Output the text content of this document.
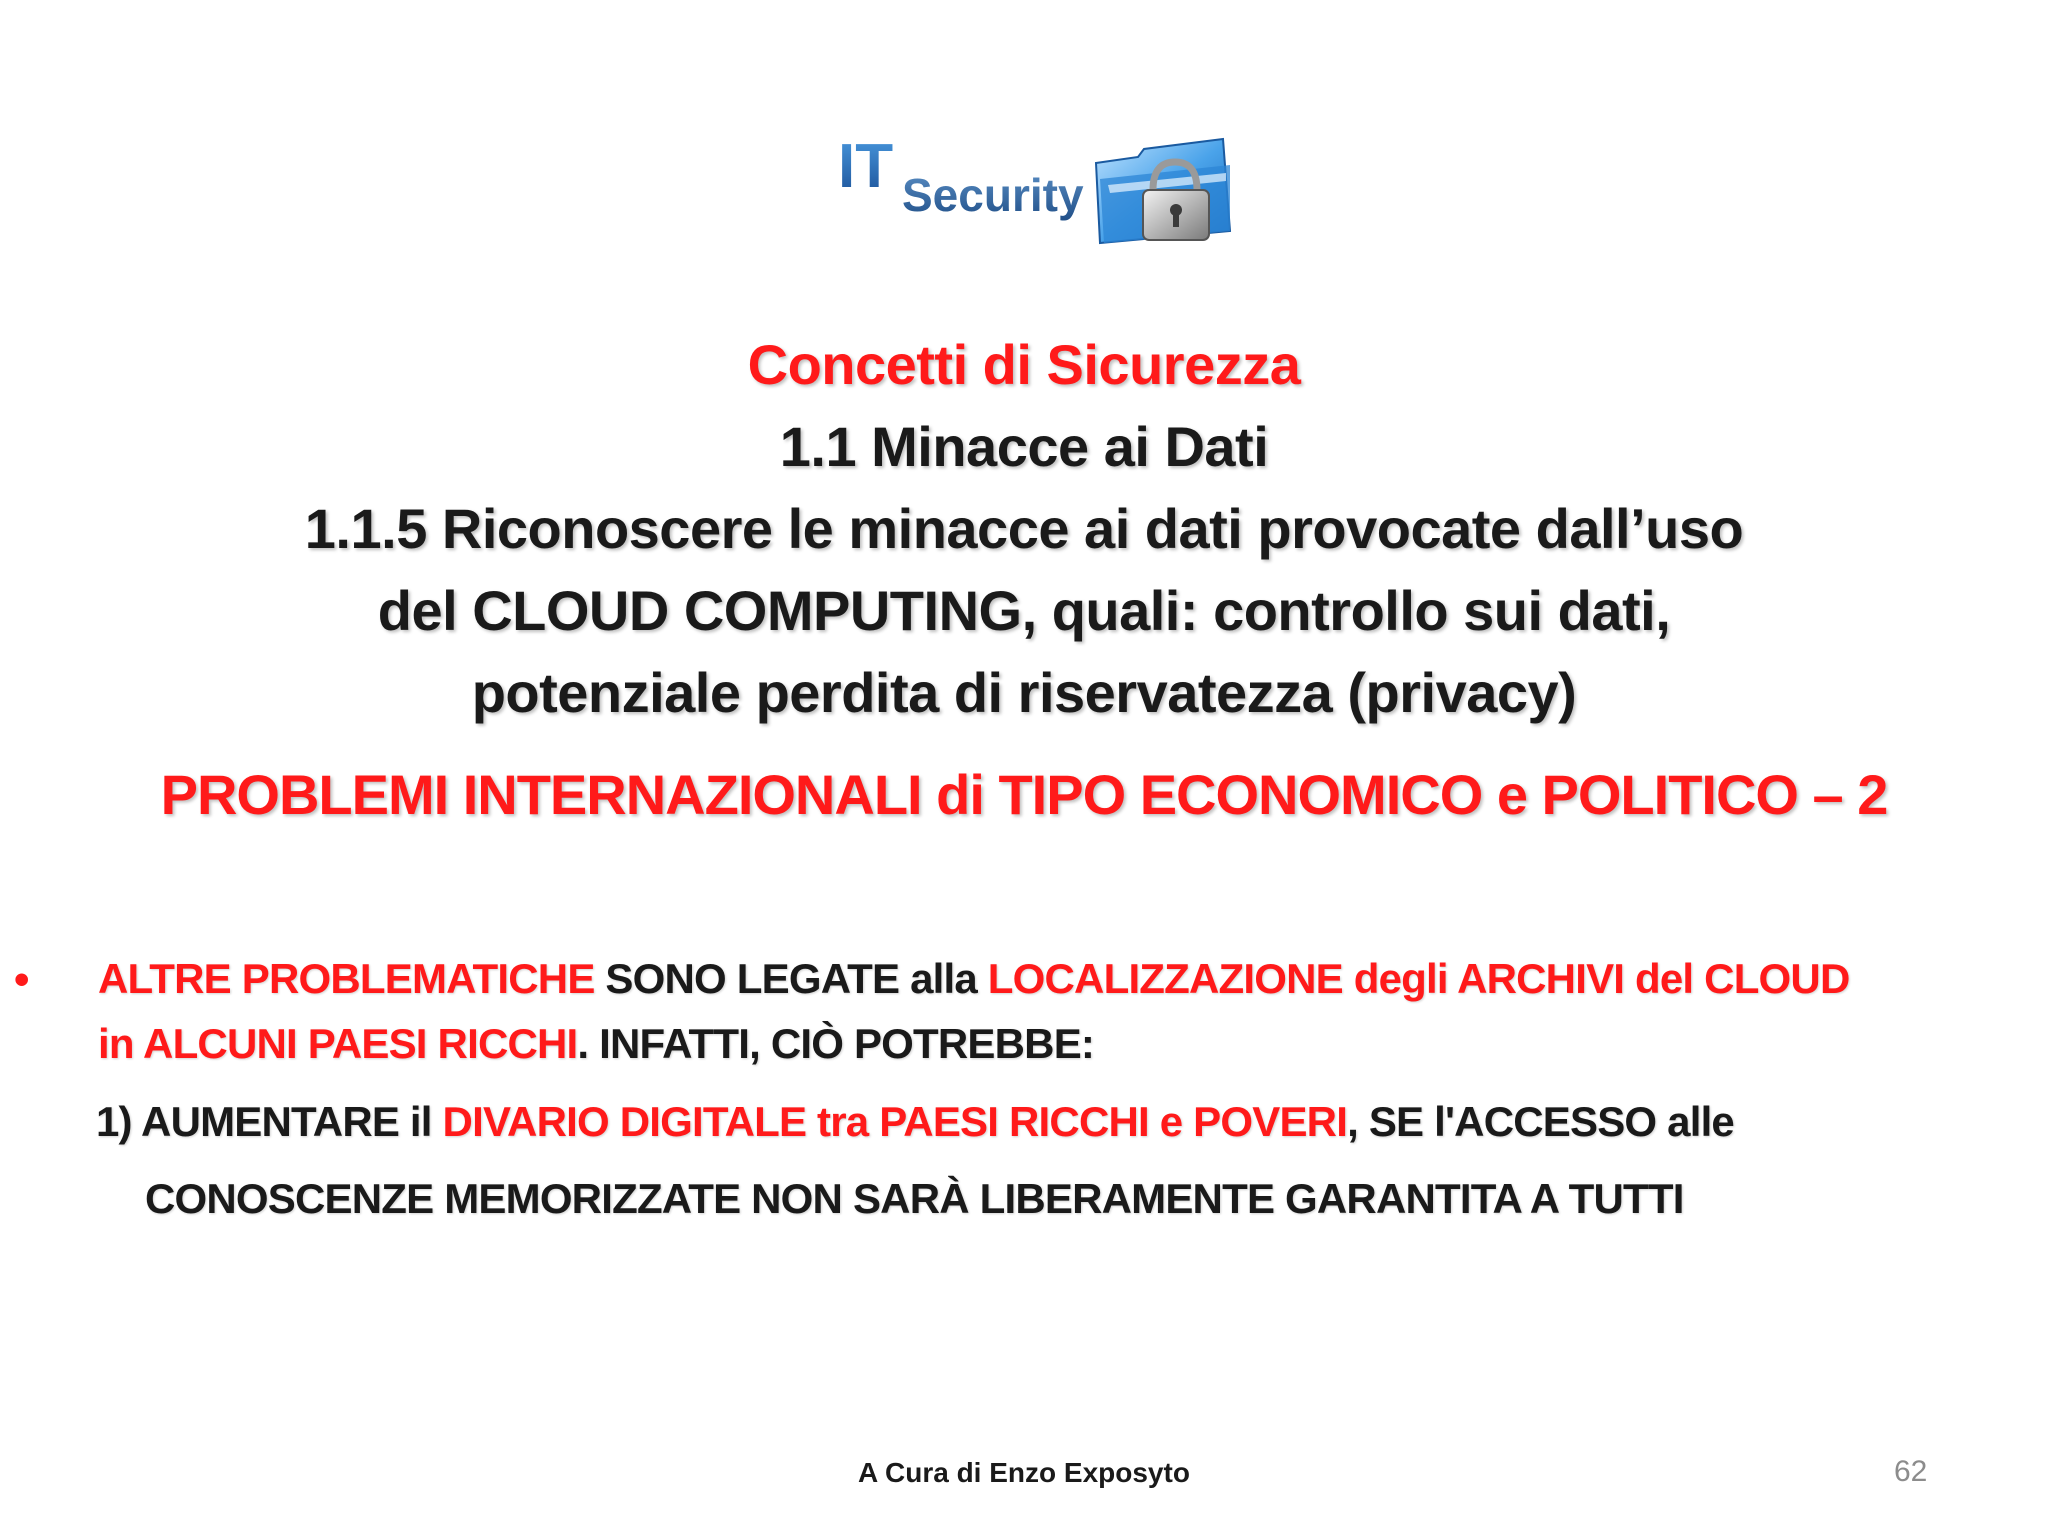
IT Security
Concetti di Sicurezza
1.1 Minacce ai Dati
1.1.5 Riconoscere le minacce ai dati provocate dall’uso
del CLOUD COMPUTING, quali: controllo sui dati,
potenziale perdita di riservatezza (privacy)
PROBLEMI INTERNAZIONALI di TIPO ECONOMICO e POLITICO – 2
• ALTRE PROBLEMATICHE SONO LEGATE alla LOCALIZZAZIONE degli ARCHIVI del CLOUD
in ALCUNI PAESI RICCHI. INFATTI, CIÒ POTREBBE:
1) AUMENTARE il DIVARIO DIGITALE tra PAESI RICCHI e POVERI, SE l'ACCESSO alle
CONOSCENZE MEMORIZZATE NON SARÀ LIBERAMENTE GARANTITA A TUTTI
A Cura di Enzo Exposyto	62
